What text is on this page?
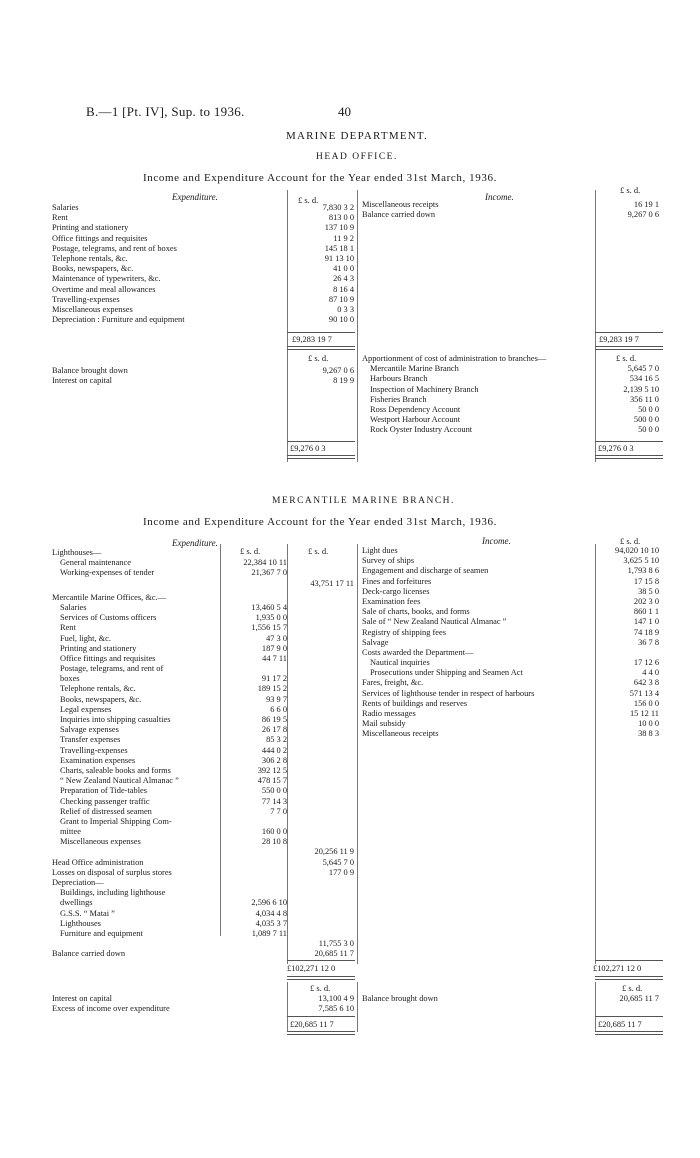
B.—1 [Pt. IV], Sup. to 1936.	40
MARINE DEPARTMENT.
HEAD OFFICE.
Income and Expenditure Account for the Year ended 31st March, 1936.
Expenditure.	Income.
£ s. d.
£ s. d.
Salaries	7,830 3 2
Rent	813 0 0
Printing and stationery	137 10 9
Office fittings and requisites	11 9 2
Postage, telegrams, and rent of boxes	145 18 1
Telephone rentals, &c.	91 13 10
Books, newspapers, &c.	41 0 0
Maintenance of typewriters, &c.	26 4 3
Overtime and meal allowances	8 16 4
Travelling-expenses	87 10 9
Miscellaneous expenses	0 3 3
Depreciation : Furniture and equipment	90 10 0
Miscellaneous receipts	16 19 1
Balance carried down	9,267 0 6
£9,283 19 7	£9,283 19 7
£ s. d.	£ s. d.
Balance brought down	9,267 0 6
Interest on capital	8 19 9
Apportionment of cost of administration to branches—
Mercantile Marine Branch	5,645 7 0
Harbours Branch	534 16 5
Inspection of Machinery Branch	2,139 5 10
Fisheries Branch	356 11 0
Ross Dependency Account	50 0 0
Westport Harbour Account	500 0 0
Rock Oyster Industry Account	50 0 0
£9,276 0 3	£9,276 0 3
MERCANTILE MARINE BRANCH.
Income and Expenditure Account for the Year ended 31st March, 1936.
Expenditure.	Income.
£ s. d.	£ s. d.
£ s. d.
Lighthouses—
General maintenance	22,384 10 11
Working-expenses of tender	21,367 7 0
43,751 17 11
Mercantile Marine Offices, &c.—
Salaries	13,460 5 4
Services of Customs officers	1,935 0 0
Rent	1,556 15 7
Fuel, light, &c.	47 3 0
Printing and stationery	187 9 0
Office fittings and requisites	44 7 11
Postage, telegrams, and rent of
boxes	91 17 2
Telephone rentals, &c.	189 15 2
Books, newspapers, &c.	93 9 7
Legal expenses	6 6 0
Inquiries into shipping casualties	86 19 5
Salvage expenses	26 17 8
Transfer expenses	85 3 2
Travelling-expenses	444 0 2
Examination expenses	306 2 8
Charts, saleable books and forms	392 12 5
“ New Zealand Nautical Almanac ”	478 15 7
Preparation of Tide-tables	550 0 0
Checking passenger traffic	77 14 3
Relief of distressed seamen	7 7 0
Grant to Imperial Shipping Com-
mittee	160 0 0
Miscellaneous expenses	28 10 8
20,256 11 9
Head Office administration	5,645 7 0
Losses on disposal of surplus stores	177 0 9
Depreciation—
Buildings, including lighthouse
dwellings	2,596 6 10
G.S.S. “ Matai ”	4,034 4 8
Lighthouses	4,035 3 7
Furniture and equipment	1,089 7 11
11,755 3 0
Balance carried down	20,685 11 7
Light dues	94,020 10 10
Survey of ships	3,625 5 10
Engagement and discharge of seamen	1,793 8 6
Fines and forfeitures	17 15 8
Deck-cargo licenses	38 5 0
Examination fees	202 3 0
Sale of charts, books, and forms	860 1 1
Sale of “ New Zealand Nautical Almanac ”	147 1 0
Registry of shipping fees	74 18 9
Salvage	36 7 8
Costs awarded the Department—
Nautical inquiries	17 12 6
Prosecutions under Shipping and Seamen Act	4 4 0
Fares, freight, &c.	642 3 8
Services of lighthouse tender in respect of harbours	571 13 4
Rents of buildings and reserves	156 0 0
Radio messages	15 12 11
Mail subsidy	10 0 0
Miscellaneous receipts	38 8 3
£102,271 12 0	£102,271 12 0
£ s. d.	£ s. d.
Interest on capital	13,100 4 9
Excess of income over expenditure	7,585 6 10
Balance brought down	20,685 11 7
£20,685 11 7	£20,685 11 7
